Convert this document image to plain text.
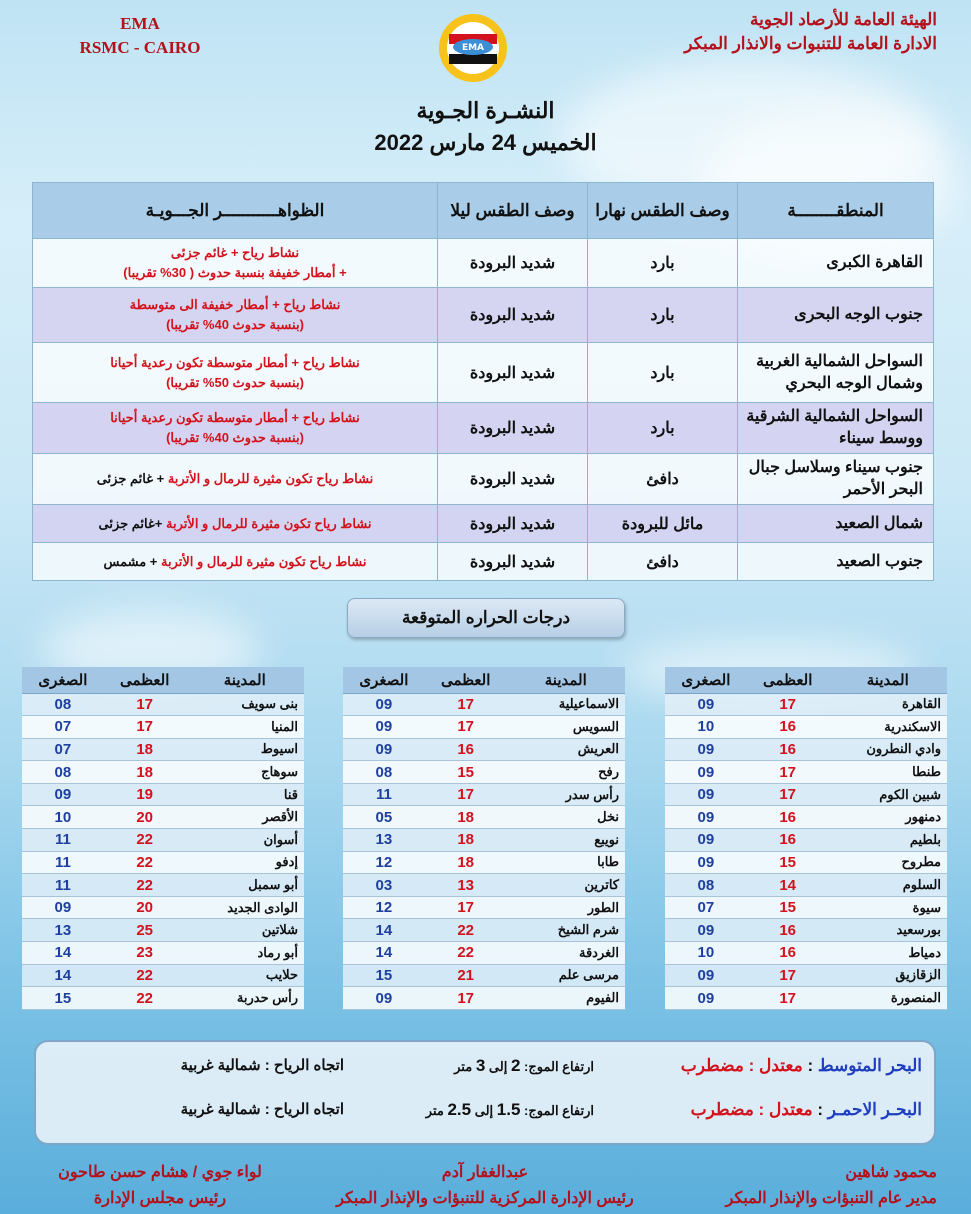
EMA
RSMC - CAIRO	EMA
الهيئة العامة للأرصاد الجوية
الادارة العامة للتنبوات والانذار المبكر
النشـرة الجـوية
الخميس 24 مارس 2022
المنطقــــــــة	وصف الطقس نهارا	وصف الطقس ليلا	الظواهـــــــــــر الجـــويـة
القاهرة الكبرى	بارد	شديد البرودة	نشاط رياح + غائم جزئى
+ أمطار خفيفة بنسبة حدوث ( 30% تقريبا)

جنوب الوجه البحرى	بارد	شديد البرودة	نشاط رياح + أمطار خفيفة الى متوسطة
(بنسبة حدوث 40% تقريبا)

السواحل الشمالية الغربية وشمال الوجه البحري	بارد	شديد البرودة	نشاط رياح + أمطار متوسطة تكون رعدية أحيانا
(بنسبة حدوث 50% تقريبا)

السواحل الشمالية الشرقية ووسط سيناء	بارد	شديد البرودة	نشاط رياح + أمطار متوسطة تكون رعدية أحيانا
(بنسبة حدوث 40% تقريبا)

جنوب سيناء وسلاسل جبال البحر الأحمر	دافئ	شديد البرودة	نشاط رياح تكون مثيرة للرمال و الأتربة + غائم جزئى
شمال الصعيد	مائل للبرودة	شديد البرودة	نشاط رياح تكون مثيرة للرمال و الأتربة +غائم جزئى
جنوب الصعيد	دافئ	شديد البرودة	نشاط رياح تكون مثيرة للرمال و الأتربة + مشمس
درجات الحراره المتوقعة
المدينة	العظمى	الصغرى
القاهرة	17	09
الاسكندرية	16	10
وادي النطرون	16	09
طنطا	17	09
شبين الكوم	17	09
دمنهور	16	09
بلطيم	16	09
مطروح	15	09
السلوم	14	08
سيوة	15	07
بورسعيد	16	09
دمياط	16	10
الزقازيق	17	09
المنصورة	17	09
المدينة	العظمى	الصغرى
الاسماعيلية	17	09
السويس	17	09
العريش	16	09
رفح	15	08
رأس سدر	17	11
نخل	18	05
نويبع	18	13
طابا	18	12
كاترين	13	03
الطور	17	12
شرم الشيخ	22	14
الغردقة	22	14
مرسى علم	21	15
الفيوم	17	09
المدينة	العظمى	الصغرى
بنى سويف	17	08
المنيا	17	07
اسيوط	18	07
سوهاج	18	08
قنا	19	09
الأقصر	20	10
أسوان	22	11
إدفو	22	11
أبو سمبل	22	11
الوادى الجديد	20	09
شلاتين	25	13
أبو رماد	23	14
حلايب	22	14
رأس حدربة	22	15
البحر المتوسط : معتدل : مضطرب
ارتفاع الموج: 2 إلى 3 متر
اتجاه الرياح : شمالية غربية
البحـر الاحمـر : معتدل : مضطرب
ارتفاع الموج: 1.5 إلى 2.5 متر
اتجاه الرياح : شمالية غربية
محمود شاهين
مدير عام التنبؤات والإنذار المبكر
عبدالغفار آدم
رئيس الإدارة المركزية للتنبؤات والإنذار المبكر
لواء جوي / هشام حسن طاحون
رئيس مجلس الإدارة
